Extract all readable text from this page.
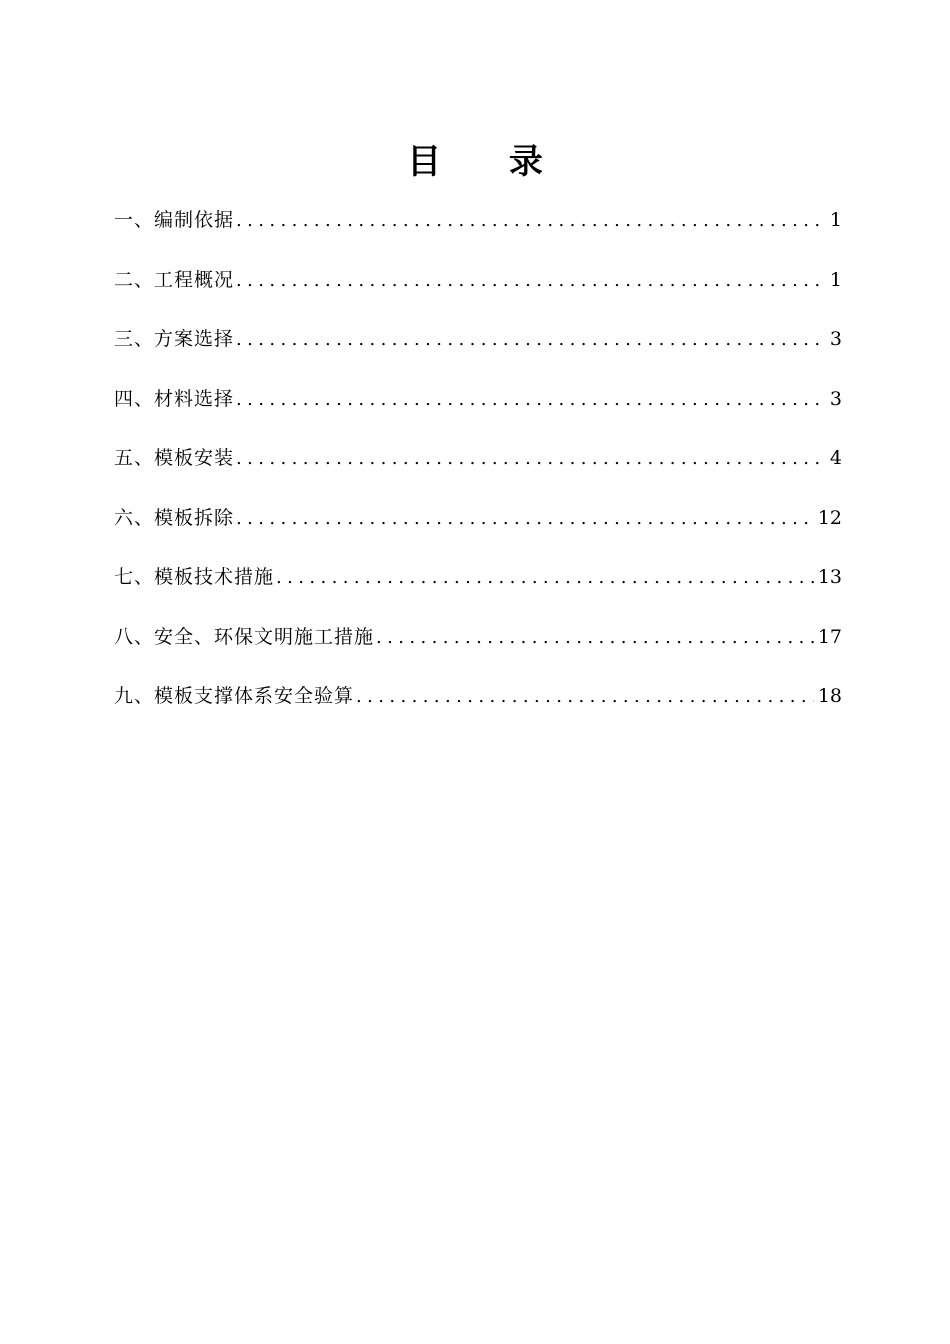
目 录
一、编制依据 .....	1
二、工程概况 .....	1
三、方案选择 .....	3
四、材料选择 .....	3
五、模板安装 .....	4
六、模板拆除 .....	12
七、模板技术措施 .....	13
八、安全、环保文明施工措施 .....	17
九、模板支撑体系安全验算 .....	18
